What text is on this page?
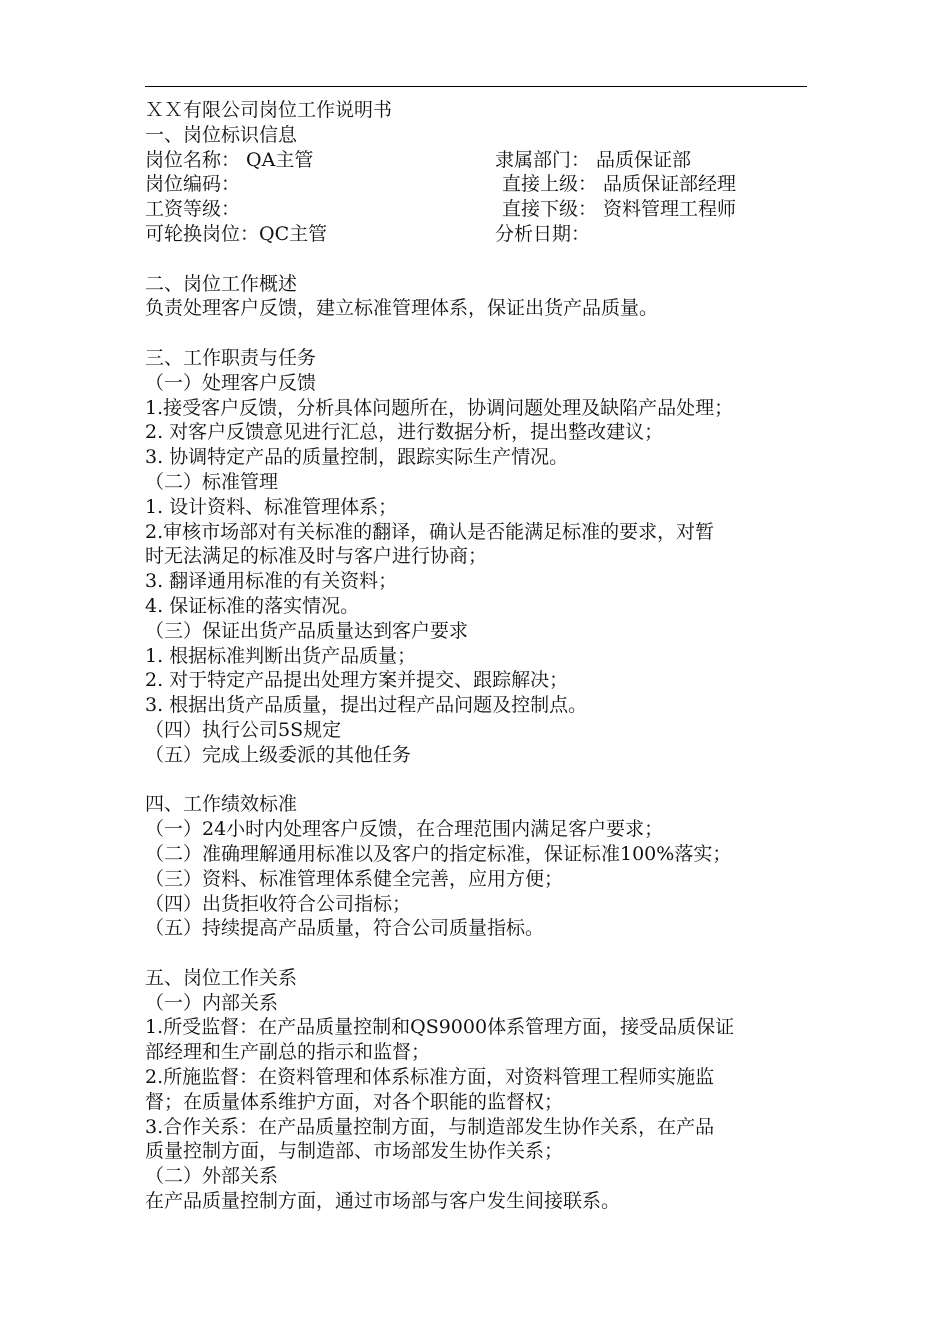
ＸＸ有限公司岗位工作说明书
一、岗位标识信息
岗位名称： QA主管	隶属部门： 品质保证部
岗位编码：	直接上级： 品质保证部经理
工资等级：	直接下级： 资料管理工程师
可轮换岗位：QC主管	分析日期：
二、岗位工作概述
负责处理客户反馈，建立标准管理体系，保证出货产品质量。
三、工作职责与任务
（一）处理客户反馈
1.接受客户反馈，分析具体问题所在，协调问题处理及缺陷产品处理；
2. 对客户反馈意见进行汇总，进行数据分析，提出整改建议；
3. 协调特定产品的质量控制，跟踪实际生产情况。
（二）标准管理
1. 设计资料、标准管理体系；
2.审核市场部对有关标准的翻译，确认是否能满足标准的要求，对暂
时无法满足的标准及时与客户进行协商；
3. 翻译通用标准的有关资料；
4. 保证标准的落实情况。
（三）保证出货产品质量达到客户要求
1. 根据标准判断出货产品质量；
2. 对于特定产品提出处理方案并提交、跟踪解决；
3. 根据出货产品质量，提出过程产品问题及控制点。
（四）执行公司5S规定
（五）完成上级委派的其他任务
四、工作绩效标准
（一）24小时内处理客户反馈，在合理范围内满足客户要求；
（二）准确理解通用标准以及客户的指定标准，保证标准100%落实；
（三）资料、标准管理体系健全完善，应用方便；
（四）出货拒收符合公司指标；
（五）持续提高产品质量，符合公司质量指标。
五、岗位工作关系
（一）内部关系
1.所受监督：在产品质量控制和QS9000体系管理方面，接受品质保证
部经理和生产副总的指示和监督；
2.所施监督：在资料管理和体系标准方面，对资料管理工程师实施监
督；在质量体系维护方面，对各个职能的监督权；
3.合作关系：在产品质量控制方面，与制造部发生协作关系，在产品
质量控制方面，与制造部、市场部发生协作关系；
（二）外部关系
在产品质量控制方面，通过市场部与客户发生间接联系。
